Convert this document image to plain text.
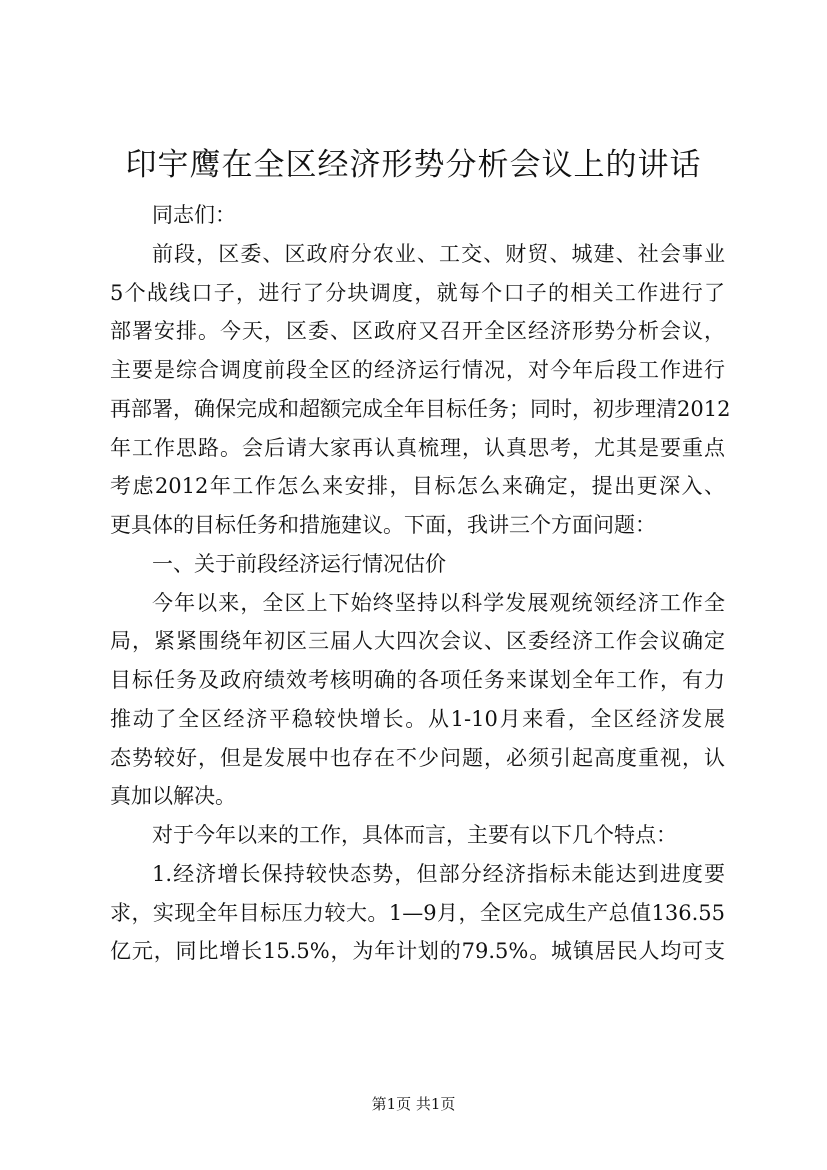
印宇鹰在全区经济形势分析会议上的讲话
同志们：
前段，区委、区政府分农业、工交、财贸、城建、社会事业
5个战线口子，进行了分块调度，就每个口子的相关工作进行了
部署安排。今天，区委、区政府又召开全区经济形势分析会议，
主要是综合调度前段全区的经济运行情况，对今年后段工作进行
再部署，确保完成和超额完成全年目标任务；同时，初步理清2012
年工作思路。会后请大家再认真梳理，认真思考，尤其是要重点
考虑2012年工作怎么来安排，目标怎么来确定，提出更深入、
更具体的目标任务和措施建议。下面，我讲三个方面问题：
一、关于前段经济运行情况估价
今年以来，全区上下始终坚持以科学发展观统领经济工作全
局，紧紧围绕年初区三届人大四次会议、区委经济工作会议确定
目标任务及政府绩效考核明确的各项任务来谋划全年工作，有力
推动了全区经济平稳较快增长。从1-10月来看，全区经济发展
态势较好，但是发展中也存在不少问题，必须引起高度重视，认
真加以解决。
对于今年以来的工作，具体而言，主要有以下几个特点：
1.经济增长保持较快态势，但部分经济指标未能达到进度要
求，实现全年目标压力较大。1—9月，全区完成生产总值136.55
亿元，同比增长15.5%，为年计划的79.5%。城镇居民人均可支
第1页 共1页
